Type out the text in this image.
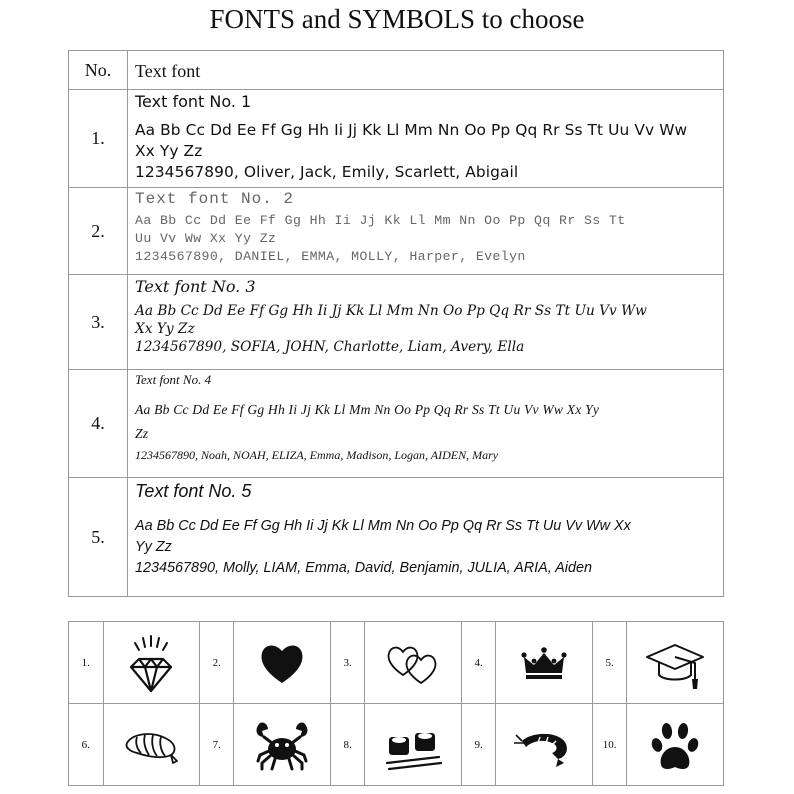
FONTS and SYMBOLS to choose
No.	Text font
1.	Text font No. 1
Aa Bb Cc Dd Ee Ff Gg Hh Ii Jj Kk Ll Mm Nn Oo Pp Qq Rr Ss Tt Uu Vv Ww
Xx Yy Zz
1234567890, Oliver, Jack, Emily, Scarlett, Abigail

2.	Text font No. 2
Aa Bb Cc Dd Ee Ff Gg Hh Ii Jj Kk Ll Mm Nn Oo Pp Qq Rr Ss Tt
Uu Vv Ww Xx Yy Zz
1234567890, DANIEL, EMMA, MOLLY, Harper, Evelyn

3.	Text font No. 3
Aa Bb Cc Dd Ee Ff Gg Hh Ii Jj Kk Ll Mm Nn Oo Pp Qq Rr Ss Tt Uu Vv Ww
Xx Yy Zz
1234567890, SOFIA, JOHN, Charlotte, Liam, Avery, Ella

4.	Text font No. 4
Aa Bb Cc Dd Ee Ff Gg Hh Ii Jj Kk Ll Mm Nn Oo Pp Qq Rr Ss Tt Uu Vv Ww Xx Yy
Zz
1234567890, Noah, NOAH, ELIZA, Emma, Madison, Logan, AIDEN, Mary

5.	Text font No. 5
Aa Bb Cc Dd Ee Ff Gg Hh Ii Jj Kk Ll Mm Nn Oo Pp Qq Rr Ss Tt Uu Vv Ww Xx
Yy Zz
1234567890, Molly, LIAM, Emma, David, Benjamin, JULIA, ARIA, Aiden
1.		2.		3.		4.		5.	

6.		7.		8.		9.		10.	
